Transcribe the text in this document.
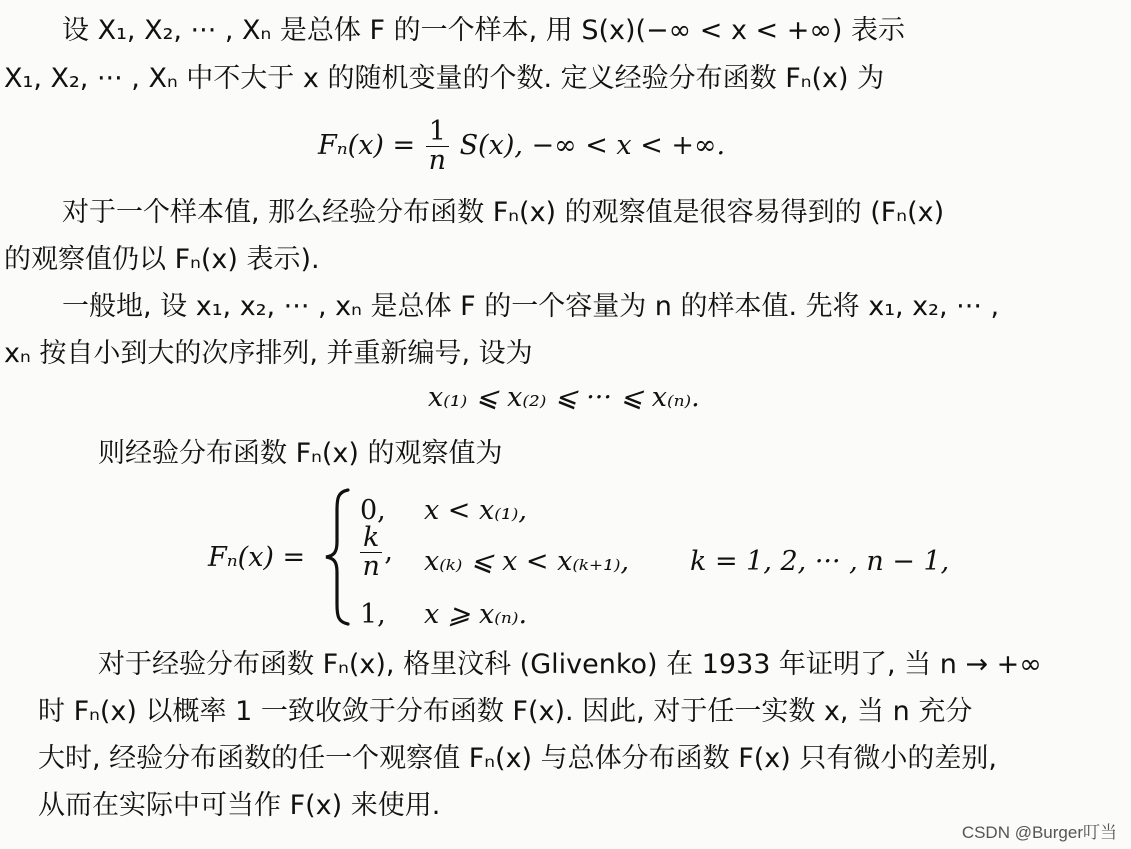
设 X₁, X₂, ··· , Xₙ 是总体 F 的一个样本, 用 S(x)(−∞ < x < +∞) 表示
X₁, X₂, ··· , Xₙ 中不大于 x 的随机变量的个数. 定义经验分布函数 Fₙ(x) 为
$F_n(x) = \frac{1}{n} S(x)$, −∞ < x < +∞.
对于一个样本值, 那么经验分布函数 Fₙ(x) 的观察值是很容易得到的 (Fₙ(x)
的观察值仍以 Fₙ(x) 表示).
一般地, 设 x₁, x₂, ··· , xₙ 是总体 F 的一个容量为 n 的样本值. 先将 x₁, x₂, ··· ,
xₙ 按自小到大的次序排列, 并重新编号, 设为
x₍₁₎ ⩽ x₍₂₎ ⩽ ··· ⩽ x₍ₙ₎.
则经验分布函数 Fₙ(x) 的观察值为
Fₙ(x) =
0, x < x₍₁₎,
$\frac{k}{n}$ , x₍ₖ₎ ⩽ x < x₍ₖ₊₁₎, k = 1, 2, ··· , n − 1,
1, x ⩾ x₍ₙ₎.
对于经验分布函数 Fₙ(x), 格里汶科 (Glivenko) 在 1933 年证明了, 当 n → +∞
时 Fₙ(x) 以概率 1 一致收敛于分布函数 F(x). 因此, 对于任一实数 x, 当 n 充分
大时, 经验分布函数的任一个观察值 Fₙ(x) 与总体分布函数 F(x) 只有微小的差别,
从而在实际中可当作 F(x) 来使用.
CSDN @Burger叮当
